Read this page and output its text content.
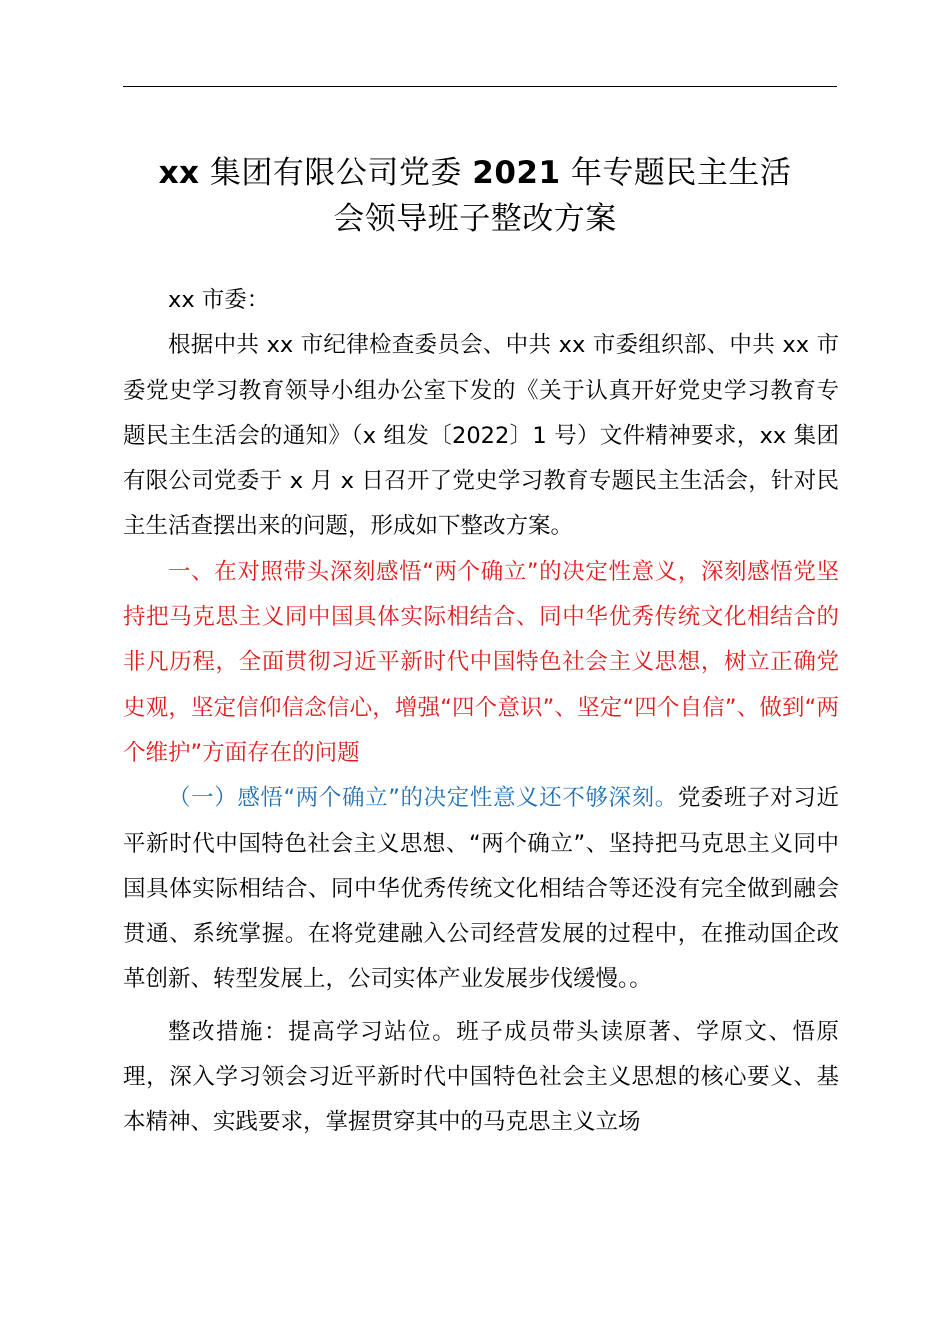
xx 集团有限公司党委 2021 年专题民主生活
会领导班子整改方案

xx 市委：

根据中共 xx 市纪律检查委员会、中共 xx 市委组织部、中共 xx 市委党史学习教育领导小组办公室下发的《关于认真开好党史学习教育专题民主生活会的通知》（x 组发〔2022〕1 号）文件精神要求，xx 集团有限公司党委于 x 月 x 日召开了党史学习教育专题民主生活会，针对民主生活查摆出来的问题，形成如下整改方案。

一、在对照带头深刻感悟“两个确立”的决定性意义，深刻感悟党坚持把马克思主义同中国具体实际相结合、同中华优秀传统文化相结合的非凡历程，全面贯彻习近平新时代中国特色社会主义思想，树立正确党史观，坚定信仰信念信心，增强“四个意识”、坚定“四个自信”、做到“两个维护”方面存在的问题

（一）感悟“两个确立”的决定性意义还不够深刻。党委班子对习近平新时代中国特色社会主义思想、“两个确立”、坚持把马克思主义同中国具体实际相结合、同中华优秀传统文化相结合等还没有完全做到融会贯通、系统掌握。在将党建融入公司经营发展的过程中，在推动国企改革创新、转型发展上，公司实体产业发展步伐缓慢。。

整改措施：提高学习站位。班子成员带头读原著、学原文、悟原理，深入学习领会习近平新时代中国特色社会主义思想的核心要义、基本精神、实践要求，掌握贯穿其中的马克思主义立场
